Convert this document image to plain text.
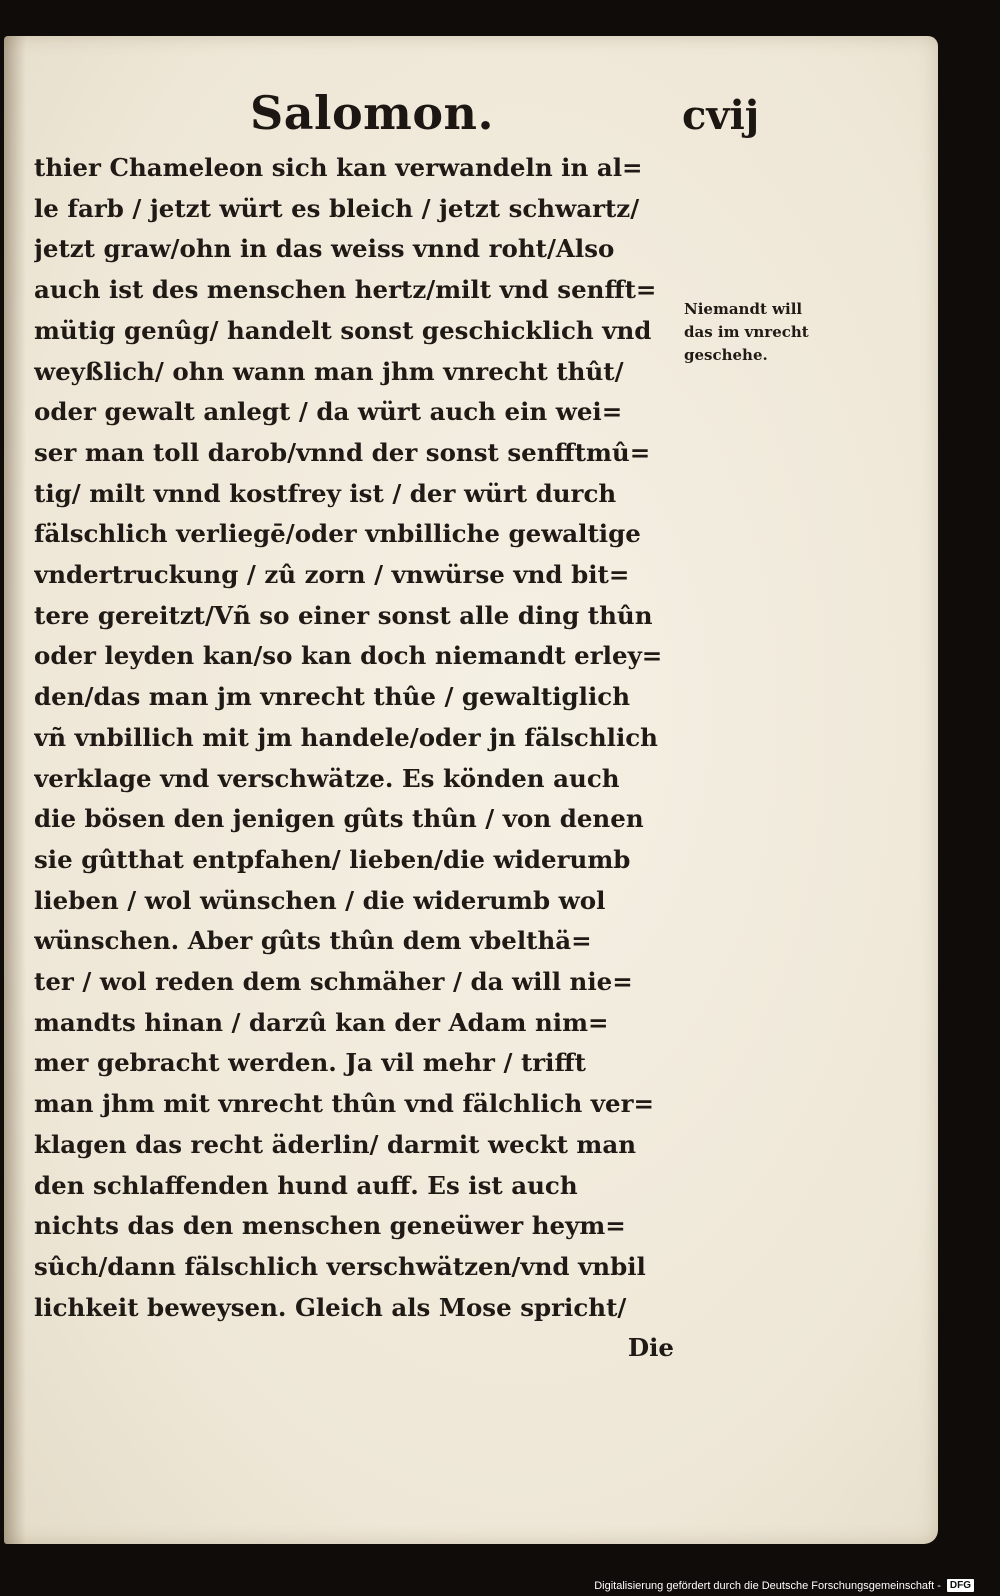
Salomon.	cvij
thier Chameleon sich kan verwandeln in al=
le farb / jetzt würt es bleich / jetzt schwartz/
jetzt graw/ohn in das weiss vnnd roht/Also
auch ist des menschen hertz/milt vnd senfft=
mütig genûg/ handelt sonst geschicklich vnd
weyßlich/ ohn wann man jhm vnrecht thût/
oder gewalt anlegt / da würt auch ein wei=
ser man toll darob/vnnd der sonst senfftmû=
tig/ milt vnnd kostfrey ist / der würt durch
fälschlich verliegē/oder vnbilliche gewaltige
vndertruckung / zû zorn / vnwürse vnd bit=
tere gereitzt/Vñ so einer sonst alle ding thûn
oder leyden kan/so kan doch niemandt erley=
den/das man jm vnrecht thûe / gewaltiglich
vñ vnbillich mit jm handele/oder jn fälschlich
verklage vnd verschwätze. Es könden auch
die bösen den jenigen gûts thûn / von denen
sie gûtthat entpfahen/ lieben/die widerumb
lieben / wol wünschen / die widerumb wol
wünschen. Aber gûts thûn dem vbelthä=
ter / wol reden dem schmäher / da will nie=
mandts hinan / darzû kan der Adam nim=
mer gebracht werden. Ja vil mehr / trifft
man jhm mit vnrecht thûn vnd fälchlich ver=
klagen das recht äderlin/ darmit weckt man
den schlaffenden hund auff. Es ist auch
nichts das den menschen geneüwer heym=
sûch/dann fälschlich verschwätzen/vnd vnbil
lichkeit beweysen. Gleich als Mose spricht/
Die
Niemandt will
das im vnrecht
geschehe.
Digitalisierung gefördert durch die Deutsche Forschungsgemeinschaft - DFG
